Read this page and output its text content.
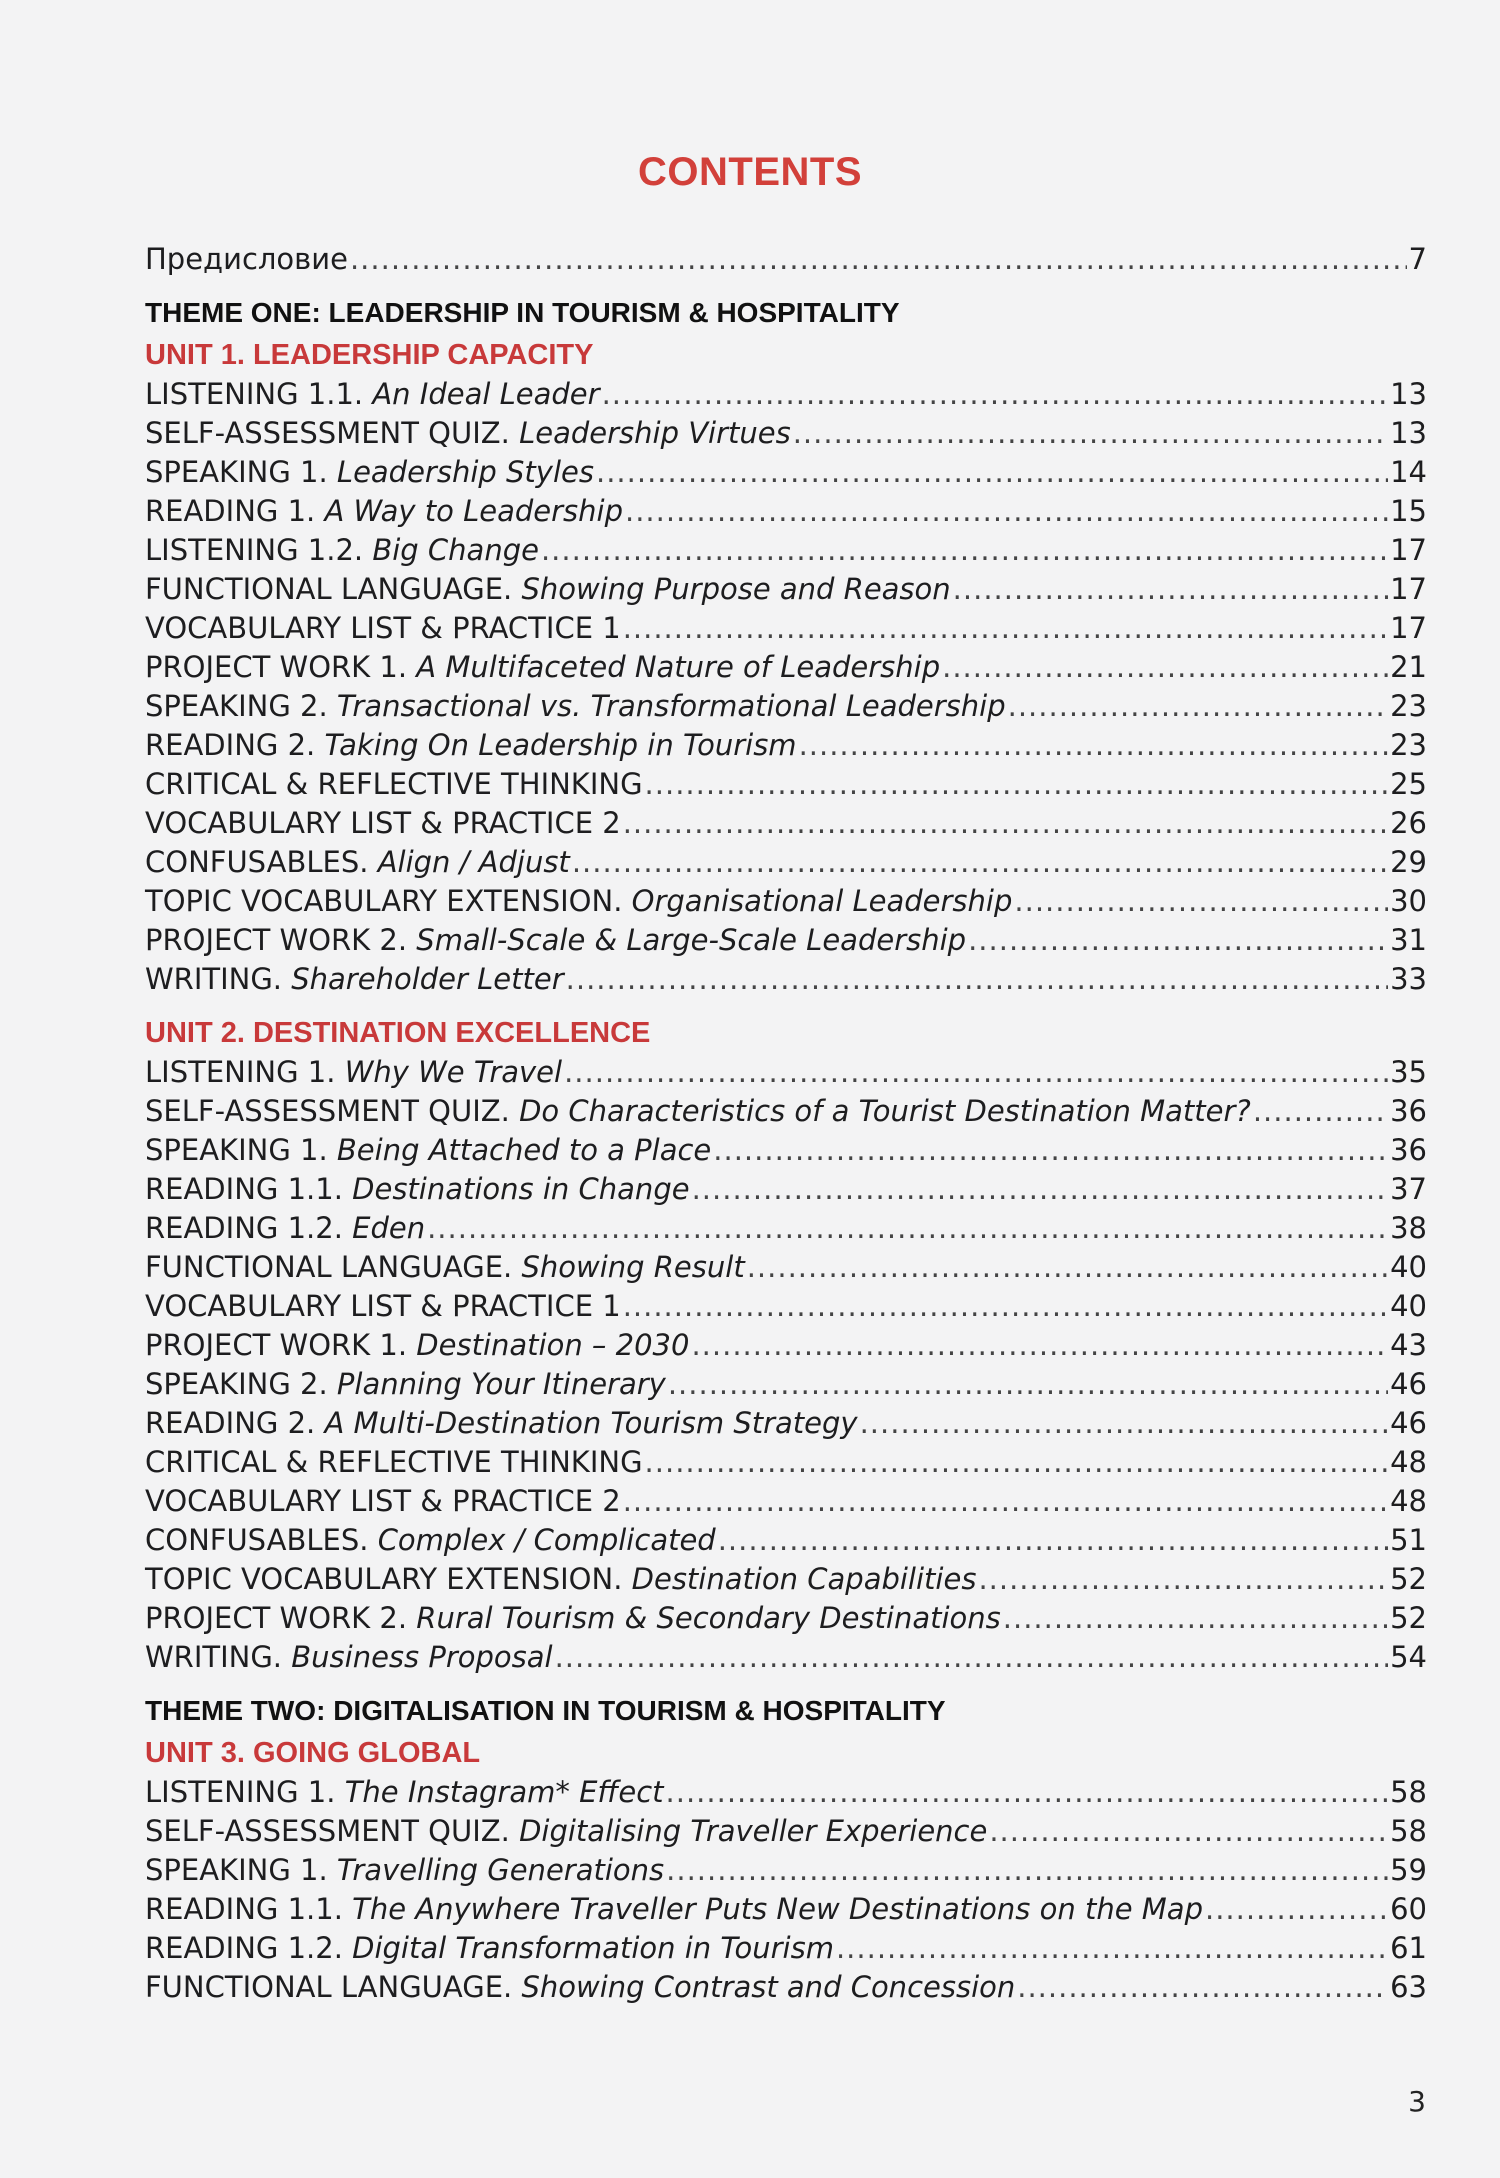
CONTENTS
Предисловие .....	7
THEME ONE: LEADERSHIP IN TOURISM & HOSPITALITY
UNIT 1. LEADERSHIP CAPACITY
LISTENING 1.1. An Ideal Leader .....	13
SELF-ASSESSMENT QUIZ. Leadership Virtues .....	13
SPEAKING 1. Leadership Styles .....	14
READING 1. A Way to Leadership .....	15
LISTENING 1.2. Big Change .....	17
FUNCTIONAL LANGUAGE. Showing Purpose and Reason .....	17
VOCABULARY LIST & PRACTICE 1 .....	17
PROJECT WORK 1. A Multifaceted Nature of Leadership .....	21
SPEAKING 2. Transactional vs. Transformational Leadership .....	23
READING 2. Taking On Leadership in Tourism .....	23
CRITICAL & REFLECTIVE THINKING .....	25
VOCABULARY LIST & PRACTICE 2 .....	26
CONFUSABLES. Align / Adjust .....	29
TOPIC VOCABULARY EXTENSION. Organisational Leadership .....	30
PROJECT WORK 2. Small-Scale & Large-Scale Leadership .....	31
WRITING. Shareholder Letter .....	33
UNIT 2. DESTINATION EXCELLENCE
LISTENING 1. Why We Travel .....	35
SELF-ASSESSMENT QUIZ. Do Characteristics of a Tourist Destination Matter? .....	36
SPEAKING 1. Being Attached to a Place .....	36
READING 1.1. Destinations in Change .....	37
READING 1.2. Eden .....	38
FUNCTIONAL LANGUAGE. Showing Result .....	40
VOCABULARY LIST & PRACTICE 1 .....	40
PROJECT WORK 1. Destination – 2030 .....	43
SPEAKING 2. Planning Your Itinerary .....	46
READING 2. A Multi-Destination Tourism Strategy .....	46
CRITICAL & REFLECTIVE THINKING .....	48
VOCABULARY LIST & PRACTICE 2 .....	48
CONFUSABLES. Complex / Complicated .....	51
TOPIC VOCABULARY EXTENSION. Destination Capabilities .....	52
PROJECT WORK 2. Rural Tourism & Secondary Destinations .....	52
WRITING. Business Proposal .....	54
THEME TWO: DIGITALISATION IN TOURISM & HOSPITALITY
UNIT 3. GOING GLOBAL
LISTENING 1. The Instagram* Effect .....	58
SELF-ASSESSMENT QUIZ. Digitalising Traveller Experience .....	58
SPEAKING 1. Travelling Generations .....	59
READING 1.1. The Anywhere Traveller Puts New Destinations on the Map .....	60
READING 1.2. Digital Transformation in Tourism .....	61
FUNCTIONAL LANGUAGE. Showing Contrast and Concession .....	63
3
